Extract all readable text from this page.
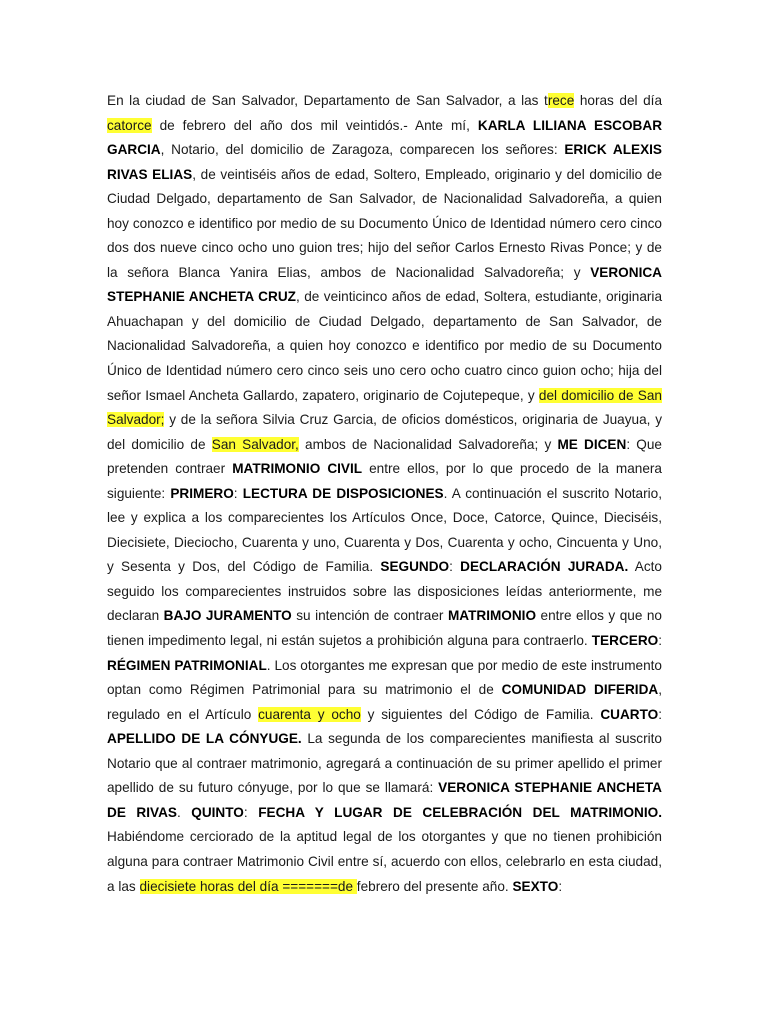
En la ciudad de San Salvador, Departamento de San Salvador, a las trece horas del día catorce de febrero del año dos mil veintidós.- Ante mí, KARLA LILIANA ESCOBAR GARCIA, Notario, del domicilio de Zaragoza, comparecen los señores: ERICK ALEXIS RIVAS ELIAS, de veintiséis años de edad, Soltero, Empleado, originario y del domicilio de Ciudad Delgado, departamento de San Salvador, de Nacionalidad Salvadoreña, a quien hoy conozco e identifico por medio de su Documento Único de Identidad número cero cinco dos dos nueve cinco ocho uno guion tres; hijo del señor Carlos Ernesto Rivas Ponce; y de la señora Blanca Yanira Elias, ambos de Nacionalidad Salvadoreña; y VERONICA STEPHANIE ANCHETA CRUZ, de veinticinco años de edad, Soltera, estudiante, originaria Ahuachapan y del domicilio de Ciudad Delgado, departamento de San Salvador, de Nacionalidad Salvadoreña, a quien hoy conozco e identifico por medio de su Documento Único de Identidad número cero cinco seis uno cero ocho cuatro cinco guion ocho; hija del señor Ismael Ancheta Gallardo, zapatero, originario de Cojutepeque, y del domicilio de San Salvador; y de la señora Silvia Cruz Garcia, de oficios domésticos, originaria de Juayua, y del domicilio de San Salvador, ambos de Nacionalidad Salvadoreña; y ME DICEN: Que pretenden contraer MATRIMONIO CIVIL entre ellos, por lo que procedo de la manera siguiente: PRIMERO: LECTURA DE DISPOSICIONES. A continuación el suscrito Notario, lee y explica a los comparecientes los Artículos Once, Doce, Catorce, Quince, Dieciséis, Diecisiete, Dieciocho, Cuarenta y uno, Cuarenta y Dos, Cuarenta y ocho, Cincuenta y Uno, y Sesenta y Dos, del Código de Familia. SEGUNDO: DECLARACIÓN JURADA. Acto seguido los comparecientes instruidos sobre las disposiciones leídas anteriormente, me declaran BAJO JURAMENTO su intención de contraer MATRIMONIO entre ellos y que no tienen impedimento legal, ni están sujetos a prohibición alguna para contraerlo. TERCERO: RÉGIMEN PATRIMONIAL. Los otorgantes me expresan que por medio de este instrumento optan como Régimen Patrimonial para su matrimonio el de COMUNIDAD DIFERIDA, regulado en el Artículo cuarenta y ocho y siguientes del Código de Familia. CUARTO: APELLIDO DE LA CÓNYUGE. La segunda de los comparecientes manifiesta al suscrito Notario que al contraer matrimonio, agregará a continuación de su primer apellido el primer apellido de su futuro cónyuge, por lo que se llamará: VERONICA STEPHANIE ANCHETA DE RIVAS. QUINTO: FECHA Y LUGAR DE CELEBRACIÓN DEL MATRIMONIO. Habiéndome cerciorado de la aptitud legal de los otorgantes y que no tienen prohibición alguna para contraer Matrimonio Civil entre sí, acuerdo con ellos, celebrarlo en esta ciudad, a las diecisiete horas del día =======de febrero del presente año. SEXTO:
